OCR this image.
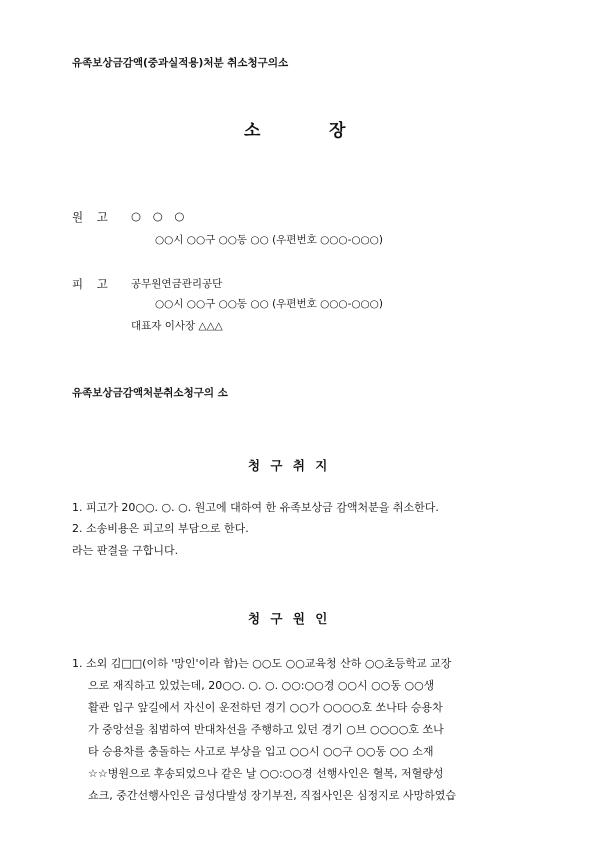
유족보상금감액(중과실적용)처분 취소청구의소
소	장
원 고 ○ ○ ○
○○시 ○○구 ○○동 ○○ (우편번호 ○○○-○○○)
피 고 공무원연금관리공단
○○시 ○○구 ○○동 ○○ (우편번호 ○○○-○○○)
대표자 이사장 △△△
유족보상금감액처분취소청구의 소
청 구 취 지
1. 피고가 20○○. ○. ○. 원고에 대하여 한 유족보상금 감액처분을 취소한다.
2. 소송비용은 피고의 부담으로 한다.
라는 판결을 구합니다.
청 구 원 인
1. 소외 김□□(이하 '망인'이라 함)는 ○○도 ○○교육청 산하 ○○초등학교 교장
으로 재직하고 있었는데, 20○○. ○. ○. ○○:○○경 ○○시 ○○동 ○○생
활관 입구 앞길에서 자신이 운전하던 경기 ○○가 ○○○○호 쏘나타 승용차
가 중앙선을 침범하여 반대차선을 주행하고 있던 경기 ○브 ○○○○호 쏘나
타 승용차를 충돌하는 사고로 부상을 입고 ○○시 ○○구 ○○동 ○○ 소재
☆☆병원으로 후송되었으나 같은 날 ○○:○○경 선행사인은 혈복, 저혈량성
쇼크, 중간선행사인은 급성다발성 장기부전, 직접사인은 심정지로 사망하였습
